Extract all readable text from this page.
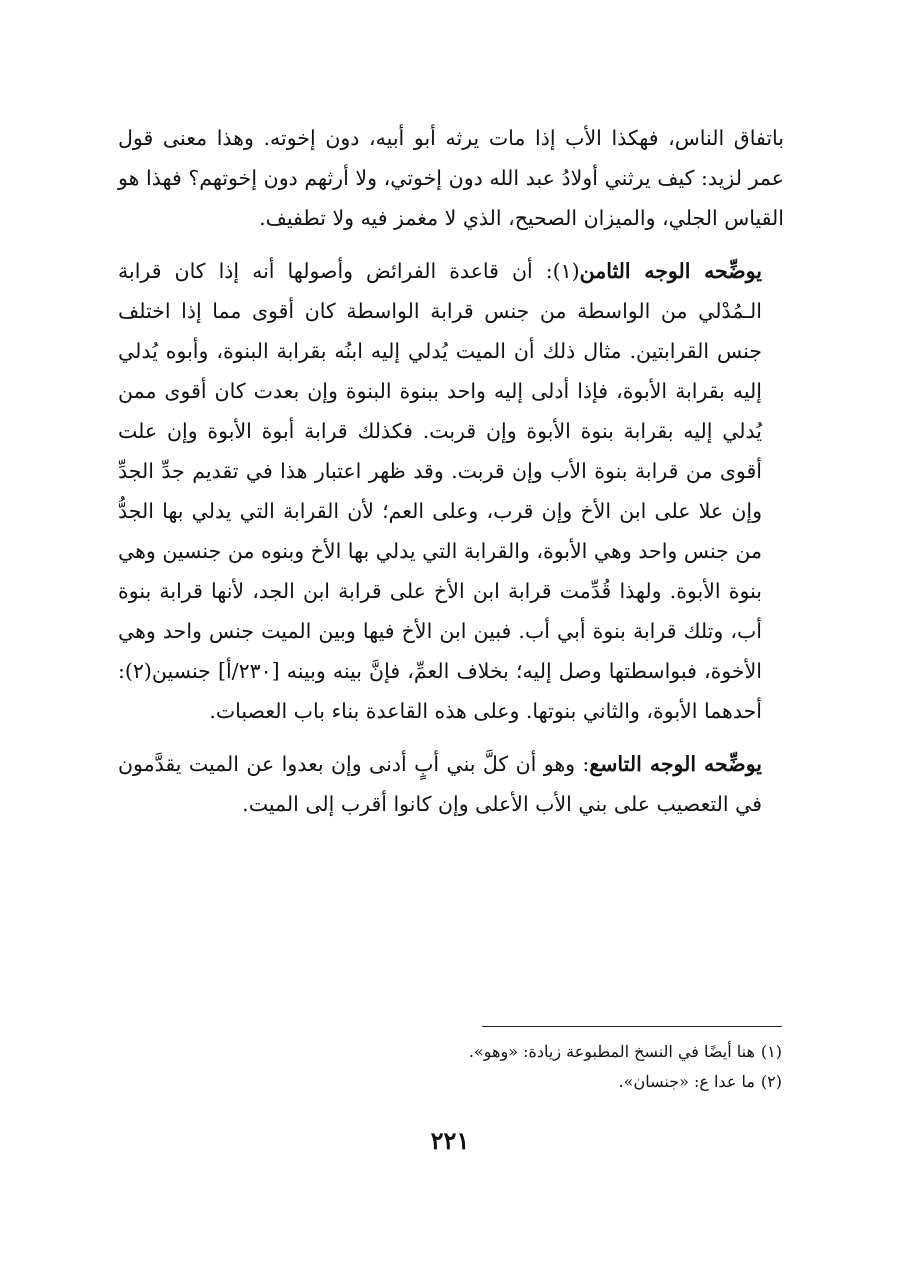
باتفاق الناس، فهكذا الأب إذا مات يرثه أبو أبيه، دون إخوته. وهذا معنى قول عمر لزيد: كيف يرثني أولادُ عبد الله دون إخوتي، ولا أرثهم دون إخوتهم؟ فهذا هو القياس الجلي، والميزان الصحيح، الذي لا مغمز فيه ولا تطفيف.

يوضِّحه الوجه الثامن(١): أن قاعدة الفرائض وأصولها أنه إذا كان قرابة الـمُدْلي من الواسطة من جنس قرابة الواسطة كان أقوى مما إذا اختلف جنس القرابتين. مثال ذلك أن الميت يُدلي إليه ابنُه بقرابة البنوة، وأبوه يُدلي إليه بقرابة الأبوة، فإذا أدلى إليه واحد ببنوة البنوة وإن بعدت كان أقوى ممن يُدلي إليه بقرابة بنوة الأبوة وإن قربت. فكذلك قرابة أبوة الأبوة وإن علت أقوى من قرابة بنوة الأب وإن قربت. وقد ظهر اعتبار هذا في تقديم جدِّ الجدِّ وإن علا على ابن الأخ وإن قرب، وعلى العم؛ لأن القرابة التي يدلي بها الجدُّ من جنس واحد وهي الأبوة، والقرابة التي يدلي بها الأخ وبنوه من جنسين وهي بنوة الأبوة. ولهذا قُدِّمت قرابة ابن الأخ على قرابة ابن الجد، لأنها قرابة بنوة أب، وتلك قرابة بنوة أبي أب. فبين ابن الأخ فيها وبين الميت جنس واحد وهي الأخوة، فبواسطتها وصل إليه؛ بخلاف العمِّ، فإنَّ بينه وبينه [٢٣٠/أ] جنسين(٢): أحدهما الأبوة، والثاني بنوتها. وعلى هذه القاعدة بناء باب العصبات.

يوضِّحه الوجه التاسع: وهو أن كلَّ بني أبٍ أدنى وإن بعدوا عن الميت يقدَّمون في التعصيب على بني الأب الأعلى وإن كانوا أقرب إلى الميت.

(١)هنا أيضًا في النسخ المطبوعة زيادة: «وهو».

(٢)ما عدا ع: «جنسان».

٢٢١
